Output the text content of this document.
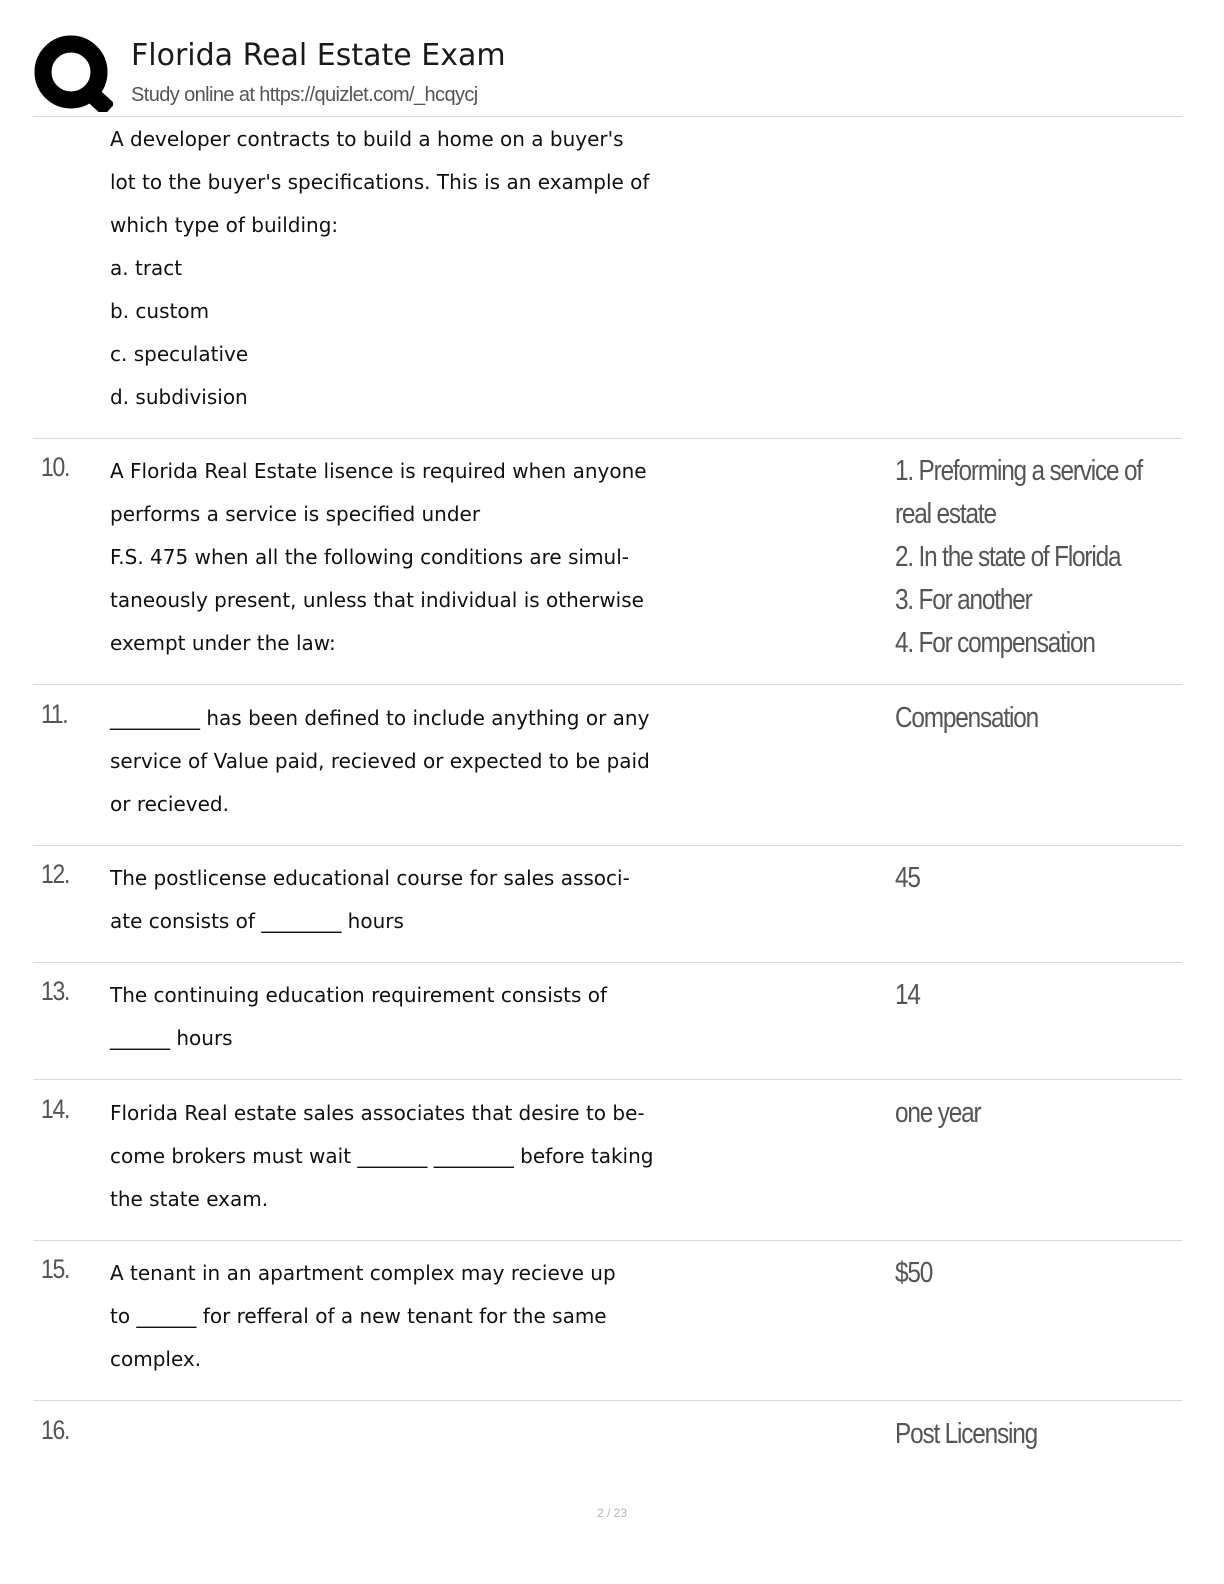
Florida Real Estate Exam
Study online at https://quizlet.com/_hcqycj
A developer contracts to build a home on a buyer's
lot to the buyer's specifications. This is an example of
which type of building:
a. tract
b. custom
c. speculative
d. subdivision
10. A Florida Real Estate lisence is required when anyone
performs a service is specified under
F.S. 475 when all the following conditions are simul-
taneously present, unless that individual is otherwise
exempt under the law:
1. Preforming a service of
real estate
2. In the state of Florida
3. For another
4. For compensation
11. _________ has been defined to include anything or any
service of Value paid, recieved or expected to be paid
or recieved.
Compensation
12. The postlicense educational course for sales associ-
ate consists of ________ hours
45
13. The continuing education requirement consists of
______ hours
14
14. Florida Real estate sales associates that desire to be-
come brokers must wait _______ ________ before taking
the state exam.
one year
15. A tenant in an apartment complex may recieve up
to ______ for refferal of a new tenant for the same
complex.
$50
16.	Post Licensing
2 / 23
